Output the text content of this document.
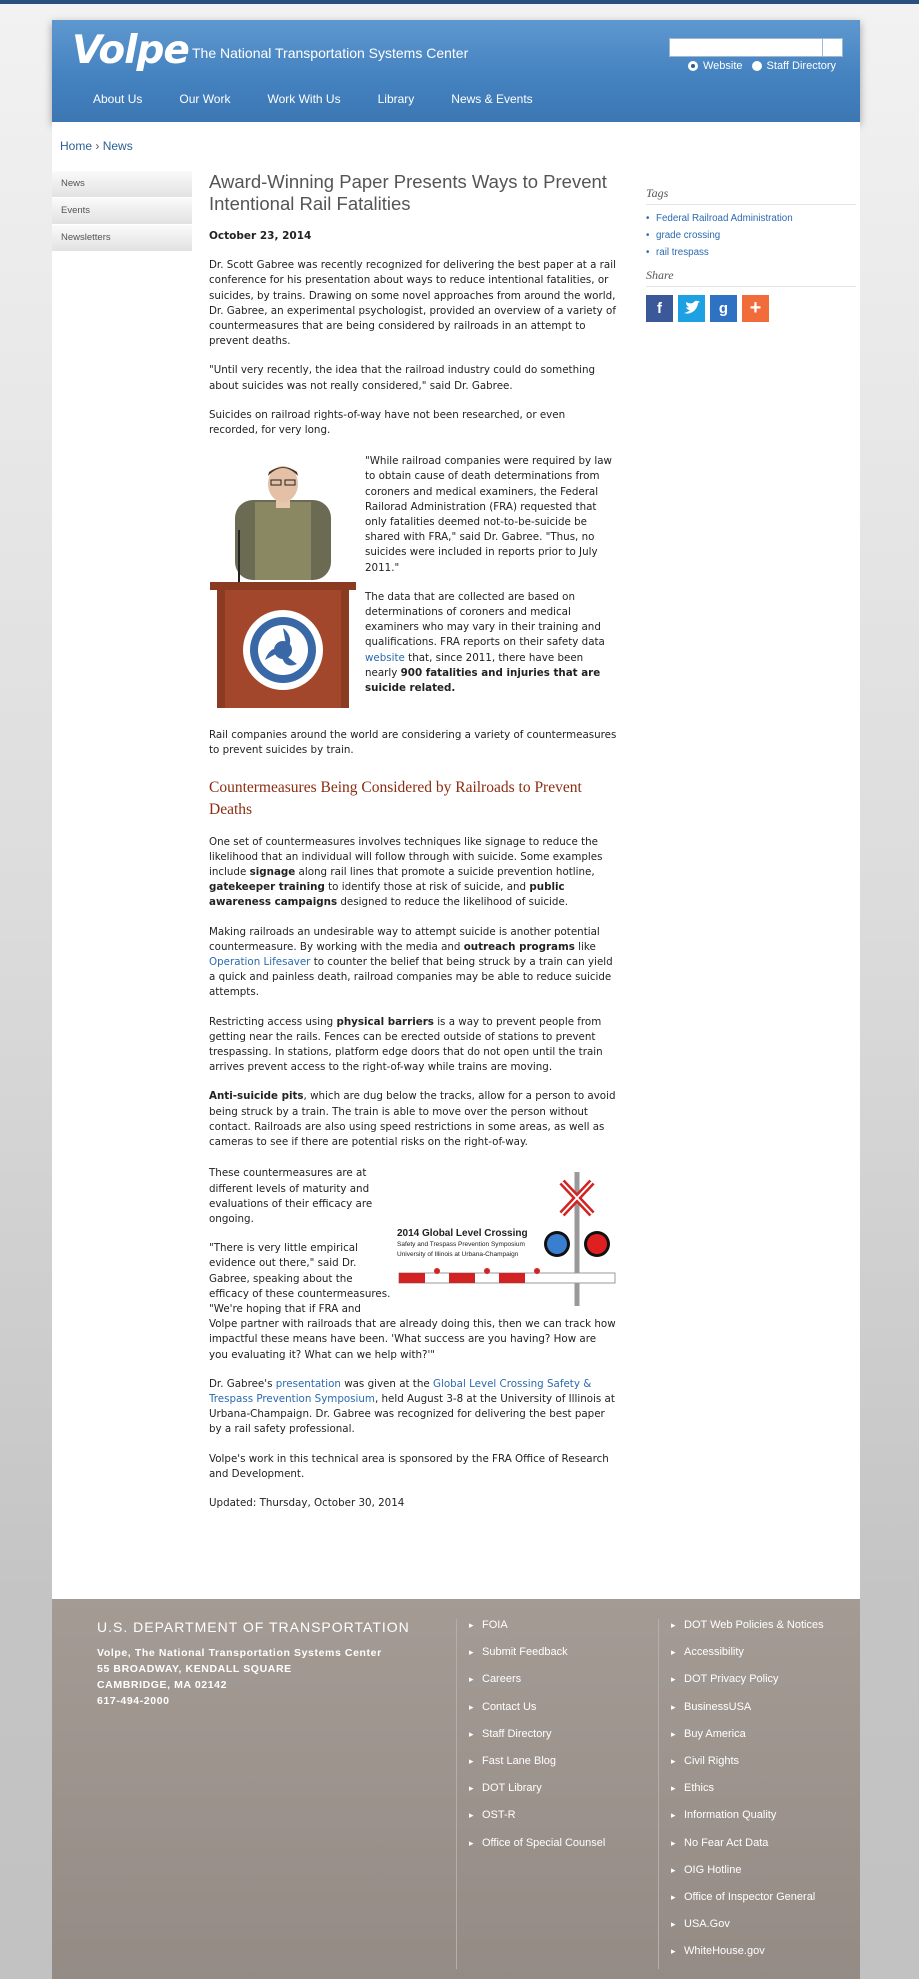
Volpe The National Transportation Systems Center
Website Staff Directory
About Us	Our Work	Work With Us	Library	News & Events
Home › News
News
Events
Newsletters
Award-Winning Paper Presents Ways to Prevent Intentional Rail Fatalities
October 23, 2014
Dr. Scott Gabree was recently recognized for delivering the best paper at a rail conference for his presentation about ways to reduce intentional fatalities, or suicides, by trains. Drawing on some novel approaches from around the world, Dr. Gabree, an experimental psychologist, provided an overview of a variety of countermeasures that are being considered by railroads in an attempt to prevent deaths.
"Until very recently, the idea that the railroad industry could do something about suicides was not really considered," said Dr. Gabree.
Suicides on railroad rights-of-way have not been researched, or even recorded, for very long.
"While railroad companies were required by law to obtain cause of death determinations from coroners and medical examiners, the Federal Railorad Administration (FRA) requested that only fatalities deemed not-to-be-suicide be shared with FRA," said Dr. Gabree. "Thus, no suicides were included in reports prior to July 2011."
The data that are collected are based on determinations of coroners and medical examiners who may vary in their training and qualifications. FRA reports on their safety data website that, since 2011, there have been nearly 900 fatalities and injuries that are suicide related.
Rail companies around the world are considering a variety of countermeasures to prevent suicides by train.
Countermeasures Being Considered by Railroads to Prevent Deaths
One set of countermeasures involves techniques like signage to reduce the likelihood that an individual will follow through with suicide. Some examples include signage along rail lines that promote a suicide prevention hotline, gatekeeper training to identify those at risk of suicide, and public awareness campaigns designed to reduce the likelihood of suicide.
Making railroads an undesirable way to attempt suicide is another potential countermeasure. By working with the media and outreach programs like Operation Lifesaver to counter the belief that being struck by a train can yield a quick and painless death, railroad companies may be able to reduce suicide attempts.
Restricting access using physical barriers is a way to prevent people from getting near the rails. Fences can be erected outside of stations to prevent trespassing. In stations, platform edge doors that do not open until the train arrives prevent access to the right-of-way while trains are moving.
Anti-suicide pits, which are dug below the tracks, allow for a person to avoid being struck by a train. The train is able to move over the person without contact. Railroads are also using speed restrictions in some areas, as well as cameras to see if there are potential risks on the right-of-way.
2014 Global Level Crossing
Safety and Trespass Prevention Symposium
University of Illinois at Urbana-Champaign
These countermeasures are at different levels of maturity and evaluations of their efficacy are ongoing.
"There is very little empirical evidence out there," said Dr. Gabree, speaking about the efficacy of these countermeasures. "We're hoping that if FRA and Volpe partner with railroads that are already doing this, then we can track how impactful these means have been. 'What success are you having? How are you evaluating it? What can we help with?'"
Dr. Gabree's presentation was given at the Global Level Crossing Safety & Trespass Prevention Symposium, held August 3-8 at the University of Illinois at Urbana-Champaign. Dr. Gabree was recognized for delivering the best paper by a rail safety professional.
Volpe's work in this technical area is sponsored by the FRA Office of Research and Development.
Updated: Thursday, October 30, 2014
Tags
• Federal Railroad Administration
• grade crossing
• rail trespass
Share
f	g	+
U.S. DEPARTMENT OF TRANSPORTATION
Volpe, The National Transportation Systems Center
55 BROADWAY, KENDALL SQUARE
CAMBRIDGE, MA 02142
617-494-2000
▸ FOIA
▸ Submit Feedback
▸ Careers
▸ Contact Us
▸ Staff Directory
▸ Fast Lane Blog
▸ DOT Library
▸ OST-R
▸ Office of Special Counsel
▸ DOT Web Policies & Notices
▸ Accessibility
▸ DOT Privacy Policy
▸ BusinessUSA
▸ Buy America
▸ Civil Rights
▸ Ethics
▸ Information Quality
▸ No Fear Act Data
▸ OIG Hotline
▸ Office of Inspector General
▸ USA.Gov
▸ WhiteHouse.gov
